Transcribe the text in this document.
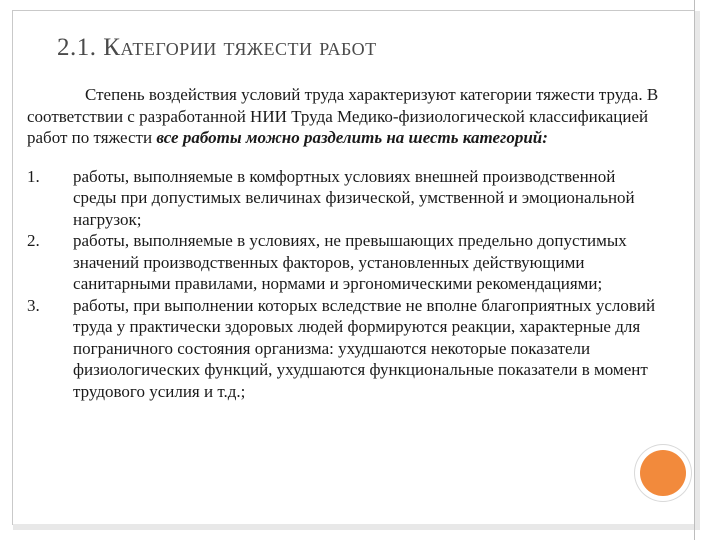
2.1. Категории тяжести работ

Степень воздействия условий труда характеризуют категории тяжести труда. В соответствии с разработанной НИИ Труда Медико-физиологической классификацией работ по тяжести все работы можно разделить на шесть категорий:

1. работы, выполняемые в комфортных условиях внешней производственной среды при допустимых величинах физической, умственной и эмоциональной нагрузок;
2. работы, выполняемые в условиях, не превышающих предельно допустимых значений производственных факторов, установленных действующими санитарными правилами, нормами и эргономическими рекомендациями;
3. работы, при выполнении которых вследствие не вполне благоприятных условий труда у практически здоровых людей формируются реакции, характерные для пограничного состояния организма: ухудшаются некоторые показатели физиологических функций, ухудшаются функциональные показатели в момент трудового усилия и т.д.;
